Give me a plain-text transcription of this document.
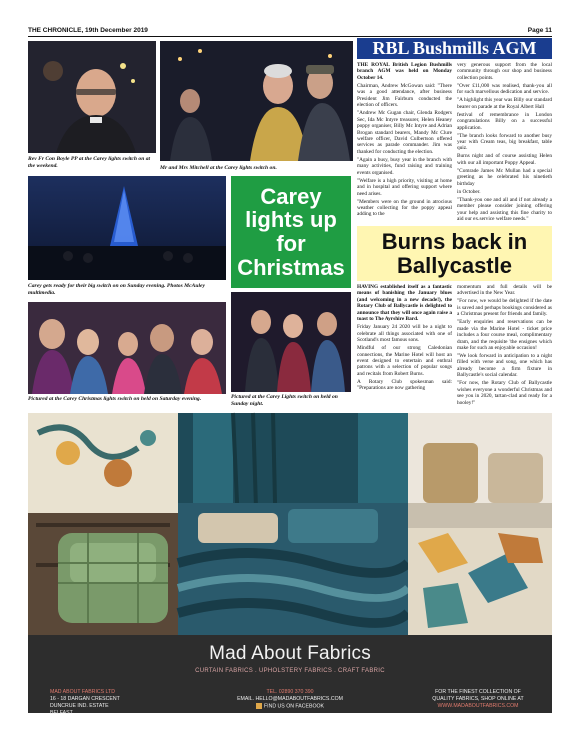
THE CHRONICLE, 19th December 2019	Page 11
Rev Fr Con Boyle PP at the Carey lights switch on at the weekend.	Mr and Mrs Mitchell at the Carey lights switch on.
Carey gets ready for their big switch on on Sunday evening. Photos McAuley multimedia.
Carey
lights up
for
Christmas
Pictured at the Carey Christmas lights switch on held on Saturday evening.	Pictured at the Carey Lights switch on held on Sunday night.
RBL Bushmills AGM

THE ROYAL British Legion Bushmills branch AGM was held on Monday October 14.

Chairman, Andrew McGowan said: "There was a good attendance, after business President Jim Fairburn conducted the election of officers.

"Andrew Mc Gugan chair, Glenda Rodgers Sec, Ida Mc Intyre treasurer, Helen Heaney poppy organiser, Billy Mc Intyre and Adrian Brogan standard bearers, Mandy Mc Clure welfare officer, David Culbertson offered services as parade commander. Jim was thanked for conducting the election.

"Again a busy, busy year in the branch with many activities, fund raising and training events organised.

"Welfare is a high priority, visiting at home and in hospital and offering support where need arises.

"Members were on the ground in atrocious weather collecting for the poppy appeal adding to the

very generous support from the local community through our shop and business collection points.

"Over £11,000 was realised, thank-you all for such marvellous dedication and service.

"A highlight this year was Billy our standard bearer on parade at the Royal Albert Hall

festival of remembrance in London congratulations Billy on a successful application.

"The branch looks forward to another busy year with Cream teas, big breakfast, table quiz.

Burns night and of course assisting Helen with our all important Poppy Appeal.

"Comrade James Mc Mullan had a special greeting as he celebrated his ninetieth birthday

in October.

"Thank-you one and all and if not already a member please consider joining offering your help and assisting this fine charity to aid our ex.service welfare needs."

Burns back in
Ballycastle

HAVING established itself as a fantastic means of banishing the January blues (and welcoming in a new decade!), the Rotary Club of Ballycastle is delighted to announce that they will once again raise a toast to The Ayrshire Bard.

Friday January 24 2020 will be a night to celebrate all things associated with one of Scotland's most famous sons.

Mindful of our strong Caledonian connections, the Marine Hotel will host an event designed to entertain and enthral patrons with a selection of popular songs and recitals from Robert Burns.

A Rotary Club spokesman said: "Preparations are now gathering

momentum and full details will be advertised in the New Year.

"For now, we would be delighted if the date is saved and perhaps bookings considered as a Christmas present for friends and family.

"Early enquiries and reservations can be made via the Marine Hotel - ticket price includes a four course meal, complimentary dram, and the requisite 'the ensignes which make for such an enjoyable occasion!

"We look forward in anticipation to a night filled with verse and song, one which has already become a firm fixture in Ballycastle's social calendar.

"For now, the Rotary Club of Ballycastle wishes everyone a wonderful Christmas and see you in 2020, tartan-clad and ready for a hooley!"

Mad About Fabrics
CURTAIN FABRICS . UPHOLSTERY FABRICS . CRAFT FABRIC
MAD ABOUT FABRICS LTD
16 - 18 DARGAN CRESCENT
DUNCRUE IND. ESTATE
BELFAST
TEL. 02890 370 390
EMAIL. HELLO@MADABOUTFABRICS.COM
FIND US ON FACEBOOK
FOR THE FINEST COLLECTION OF
QUALITY FABRICS, SHOP ONLINE AT
WWW.MADABOUTFABRICS.COM
